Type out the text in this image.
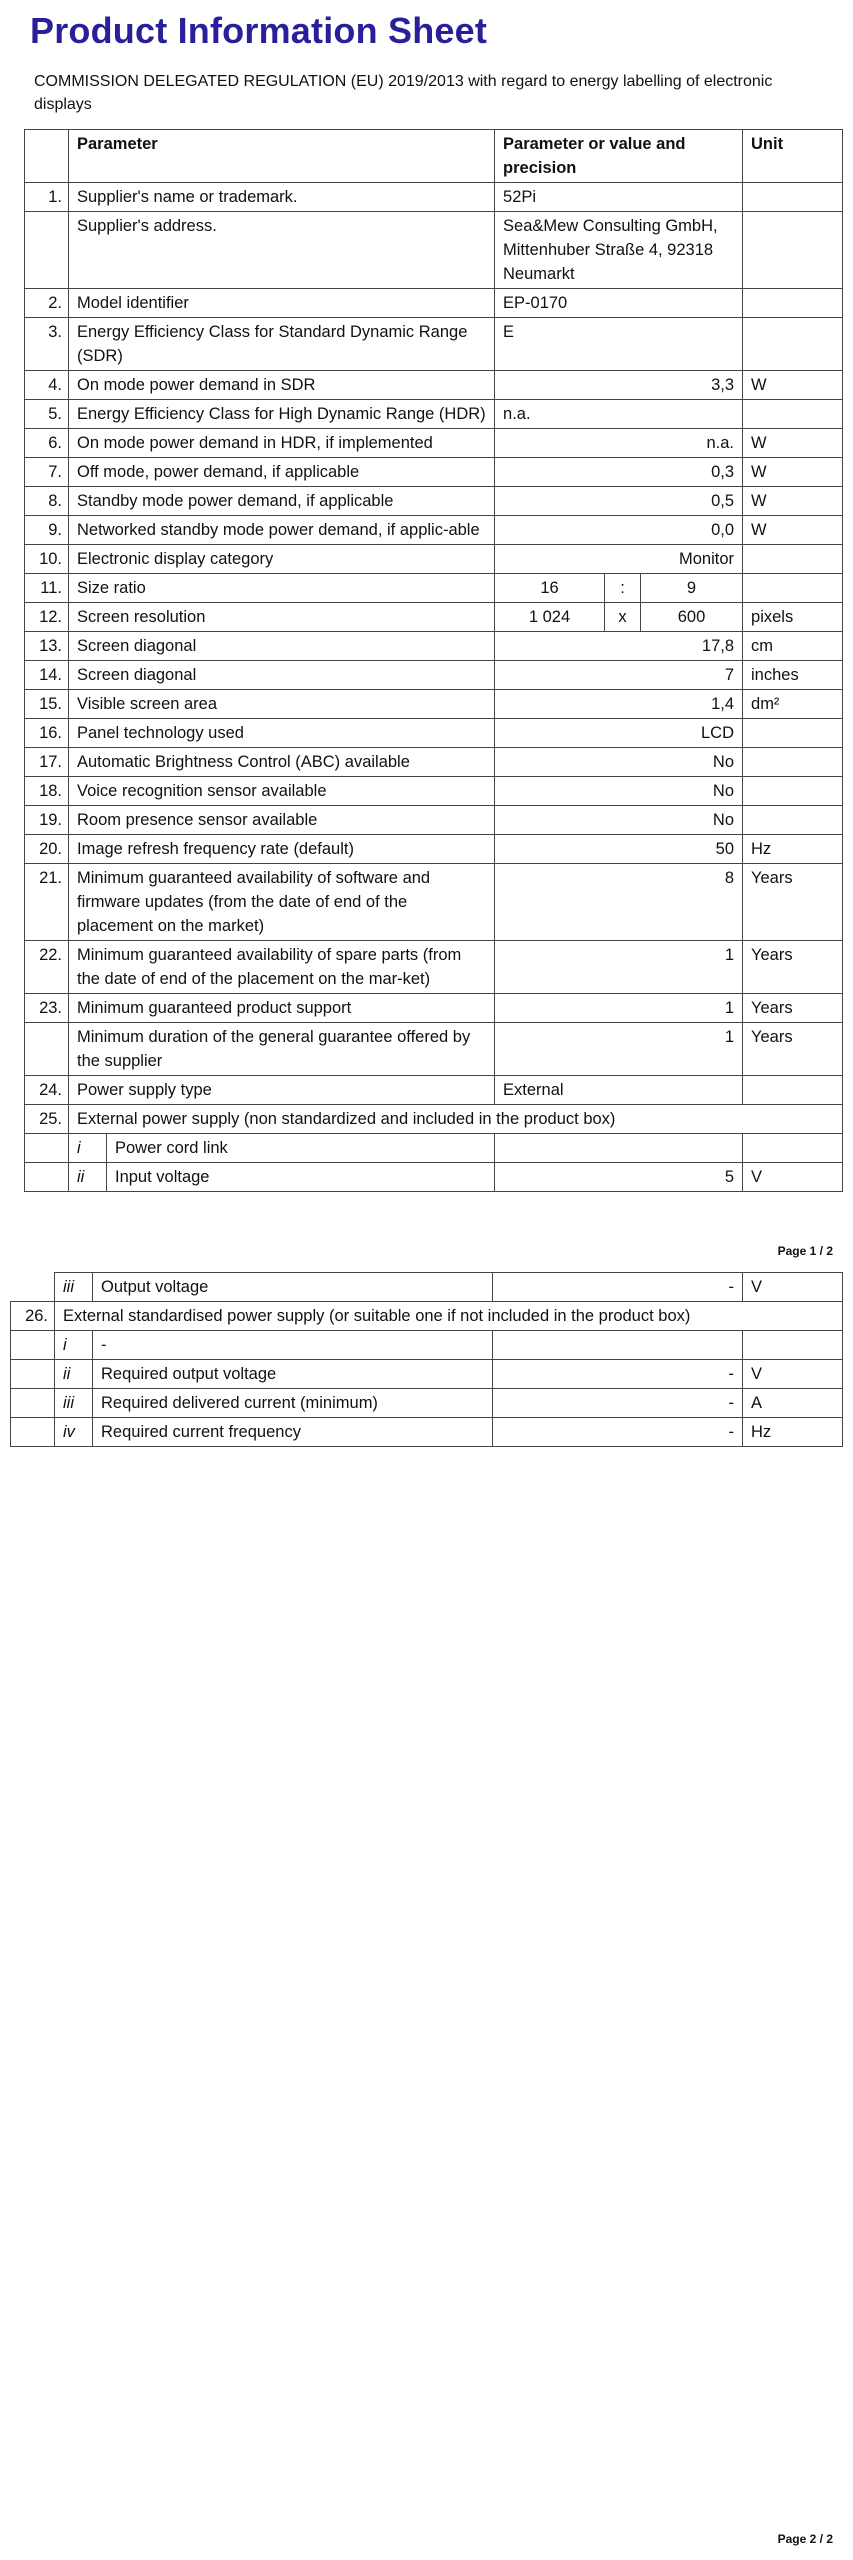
Product Information Sheet
COMMISSION DELEGATED REGULATION (EU) 2019/2013 with regard to energy labelling of electronic displays
	Parameter		Parameter or value and precision			Unit
1.	Supplier's name or trademark.		52Pi			
	Supplier's address.		Sea&Mew Consulting GmbH, Mittenhuber Straße 4, 92318 Neumarkt			
2.	Model identifier		EP-0170			
3.	Energy Efficiency Class for Standard Dynamic Range (SDR)		E			
4.	On mode power demand in SDR		3,3			W
5.	Energy Efficiency Class for High Dynamic Range (HDR)		n.a.			
6.	On mode power demand in HDR, if implemented		n.a.			W
7.	Off mode, power demand, if applicable		0,3			W
8.	Standby mode power demand, if applicable		0,5			W
9.	Networked standby mode power demand, if applic-able		0,0			W
10.	Electronic display category		Monitor			
11.	Size ratio		16	:	9	
12.	Screen resolution		1 024	x	600	pixels
13.	Screen diagonal		17,8			cm
14.	Screen diagonal		7			inches
15.	Visible screen area		1,4			dm²
16.	Panel technology used		LCD			
17.	Automatic Brightness Control (ABC) available		No			
18.	Voice recognition sensor available		No			
19.	Room presence sensor available		No			
20.	Image refresh frequency rate (default)		50			Hz
21.	Minimum guaranteed availability of software and firmware updates (from the date of end of the placement on the market)		8			Years
22.	Minimum guaranteed availability of spare parts (from the date of end of the placement on the mar-ket)		1			Years
23.	Minimum guaranteed product support		1			Years
	Minimum duration of the general guarantee offered by the supplier		1			Years
24.	Power supply type		External			
25.	External power supply (non standardized and included in the product box)					
	i	Power cord link				
	ii	Input voltage	5			V
Page 1 / 2
	iii	Output voltage	-	V
26.	External standardised power supply (or suitable one if not included in the product box)			
	i	-		
	ii	Required output voltage	-	V
	iii	Required delivered current (minimum)	-	A
	iv	Required current frequency	-	Hz
Page 2 / 2
